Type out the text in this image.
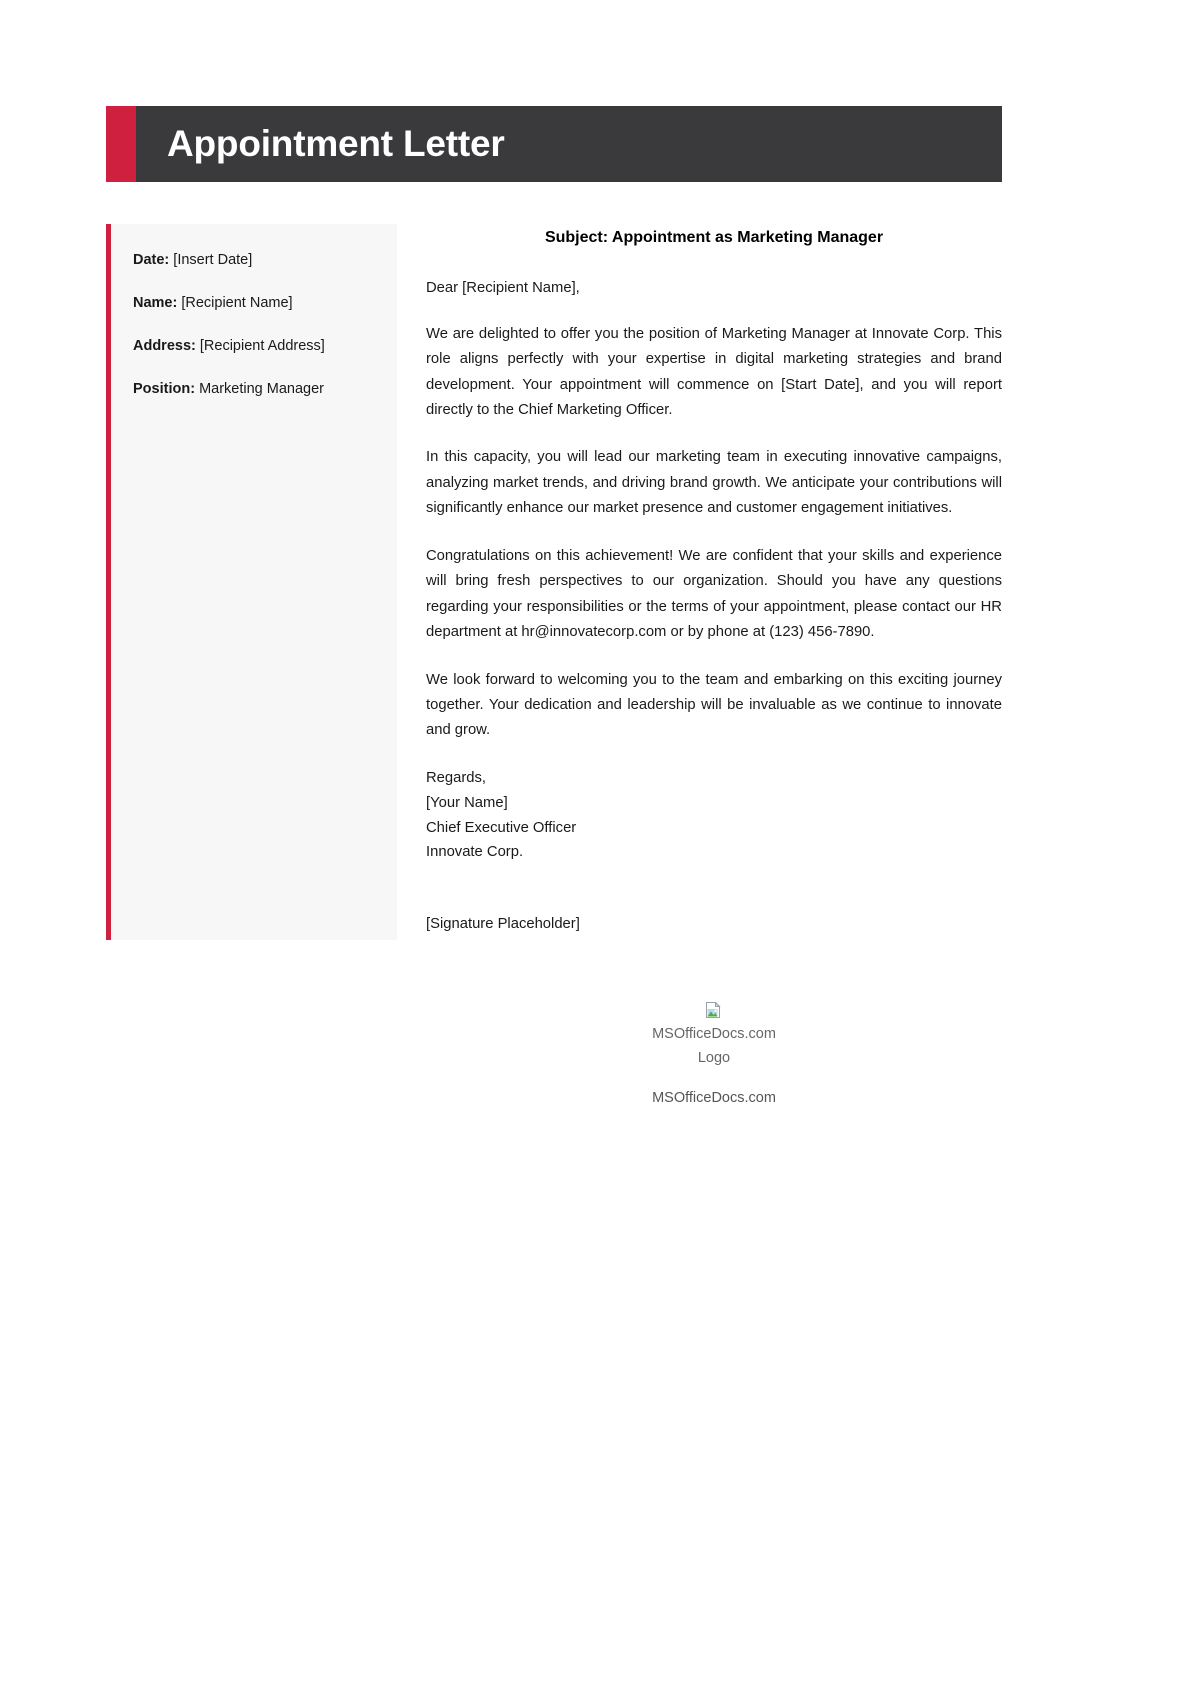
Appointment Letter
Date: [Insert Date]
Name: [Recipient Name]
Address: [Recipient Address]
Position: Marketing Manager
Subject: Appointment as Marketing Manager

Dear [Recipient Name],

We are delighted to offer you the position of Marketing Manager at Innovate Corp. This role aligns perfectly with your expertise in digital marketing strategies and brand development. Your appointment will commence on [Start Date], and you will report directly to the Chief Marketing Officer.

In this capacity, you will lead our marketing team in executing innovative campaigns, analyzing market trends, and driving brand growth. We anticipate your contributions will significantly enhance our market presence and customer engagement initiatives.

Congratulations on this achievement! We are confident that your skills and experience will bring fresh perspectives to our organization. Should you have any questions regarding your responsibilities or the terms of your appointment, please contact our HR department at hr@innovatecorp.com or by phone at (123) 456-7890.

We look forward to welcoming you to the team and embarking on this exciting journey together. Your dedication and leadership will be invaluable as we continue to innovate and grow.

Regards,
[Your Name]
Chief Executive Officer
Innovate Corp.
[Signature Placeholder]
MSOfficeDocs.com Logo
MSOfficeDocs.com
